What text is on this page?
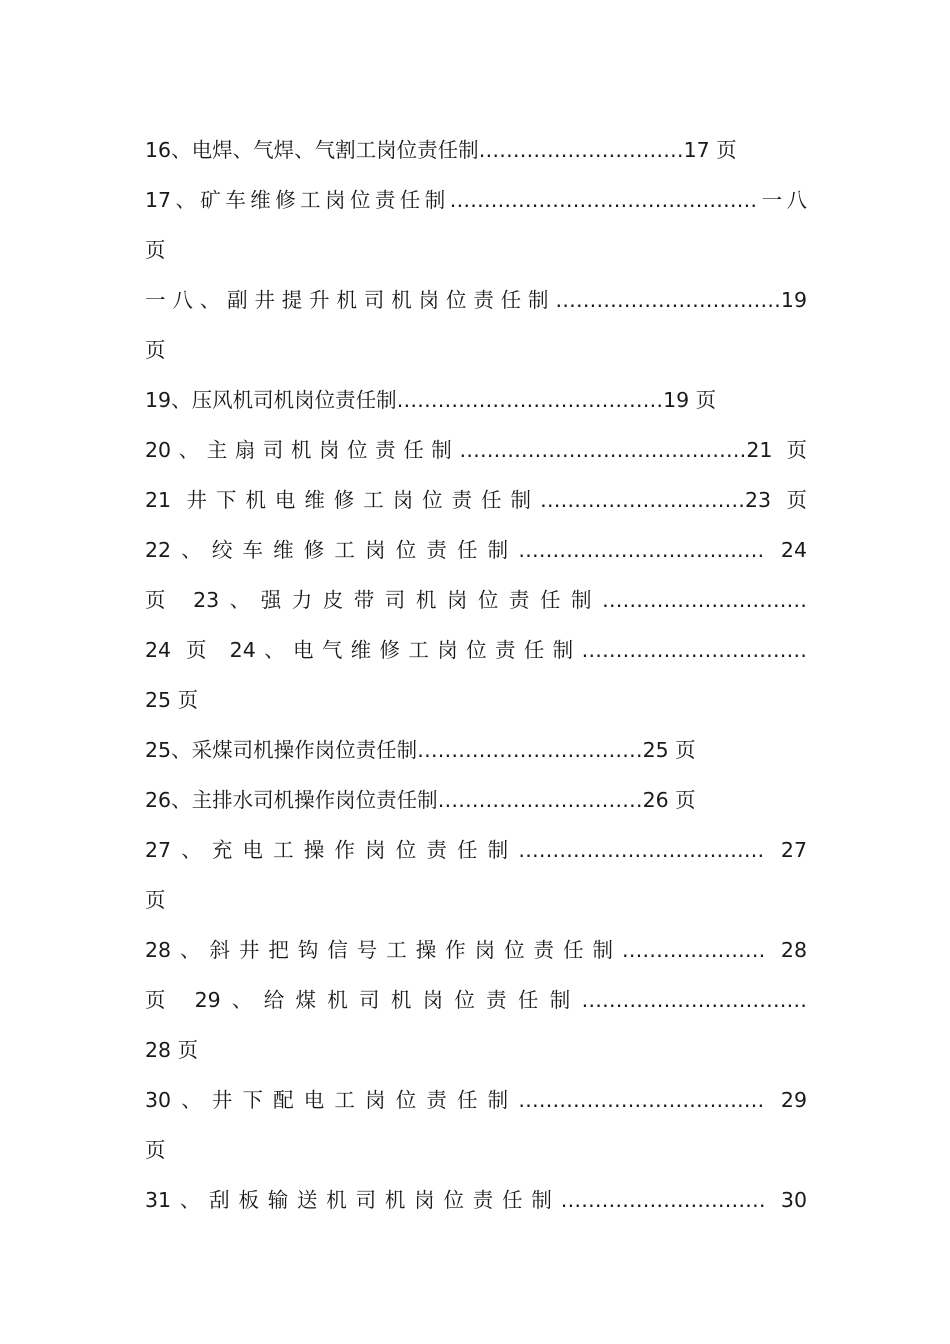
16、电焊、气焊、气割工岗位责任制…………………………17 页
17、矿车维修工岗位责任制………………………………………一八
页
一八、副井提升机司机岗位责任制……………………………19
页
19、压风机司机岗位责任制…………………………………19 页
20、主扇司机岗位责任制……………………………………21 页
21 井下机电维修工岗位责任制…………………………23 页
22、绞车维修工岗位责任制……………………………… 24
页 23、强力皮带司机岗位责任制…………………………
24 页 24、电气维修工岗位责任制……………………………
25 页
25、采煤司机操作岗位责任制……………………………25 页
26、主排水司机操作岗位责任制…………………………26 页
27、充电工操作岗位责任制……………………………… 27
页
28、斜井把钩信号工操作岗位责任制………………… 28
页 29、给煤机司机岗位责任制……………………………
28 页
30、井下配电工岗位责任制……………………………… 29
页
31、刮板输送机司机岗位责任制………………………… 30
